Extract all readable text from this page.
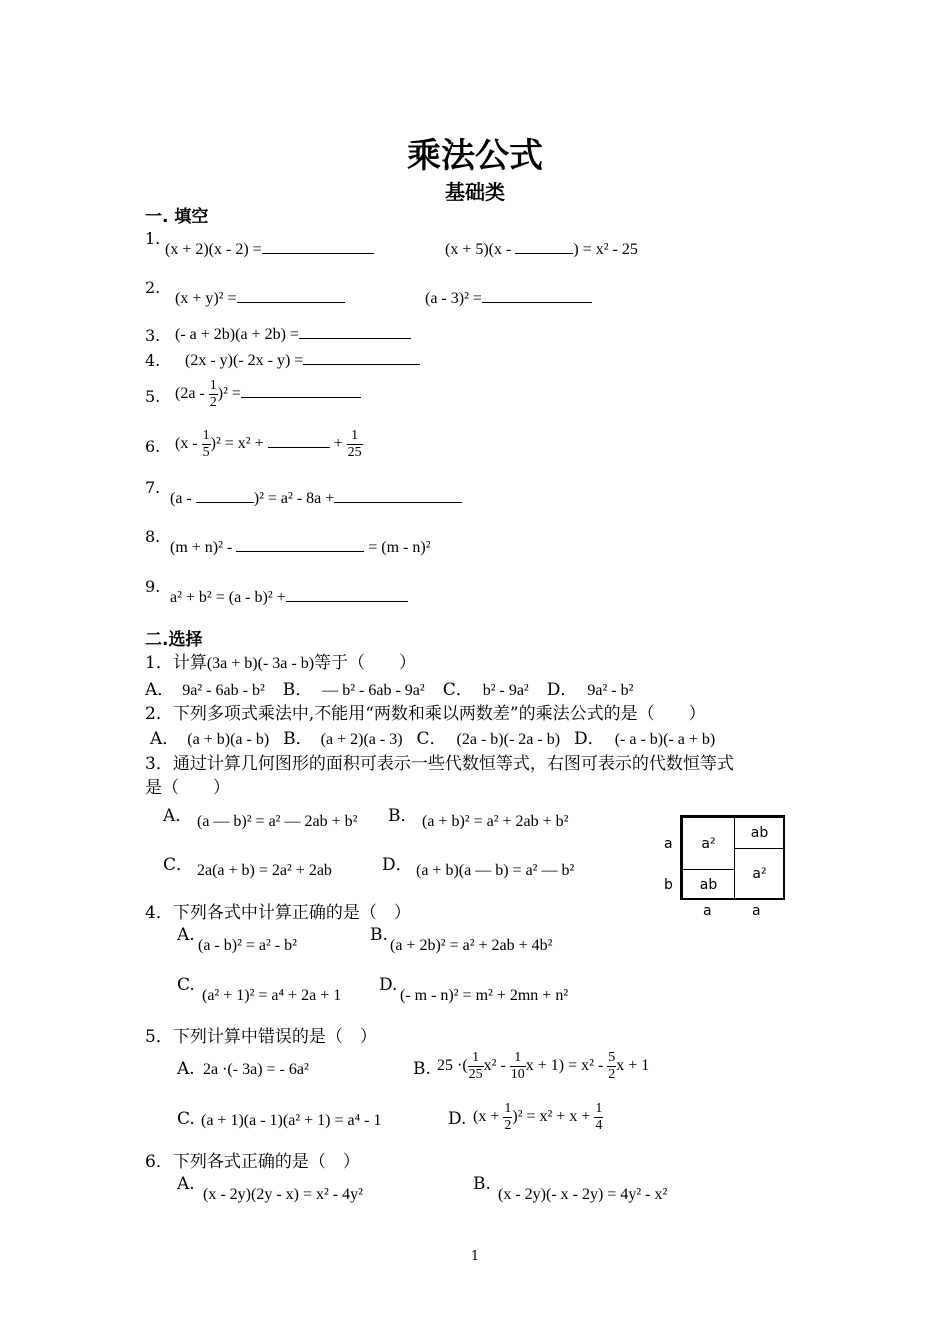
乘法公式
基础类
一. 填空
1.
(x + 2)(x - 2) =	(x + 5)(x -	) = x² - 25
2.
(x + y)² =	(a - 3)² =
3. (- a + 2b)(a + 2b) =
4. (2x - y)(- 2x - y) =
5. $(2a - \frac{1}{2} )^2$ =
6. $(x - \frac{1}{5} )^2 = x^2$ +	+ $\frac{1}{25}$
7.
(a -	)² = a² - 8a +
8.
(m + n)² -	= (m - n)²
9.
a² + b² = (a - b)² +
二.选择
1．计算(3a + b)(- 3a - b)等于（　　）
A． 9a² - 6ab - b² B． — b² - 6ab - 9a² C． b² - 9a² D． 9a² - b²
2．下列多项式乘法中,不能用“两数和乘以两数差”的乘法公式的是（　　）
A． (a + b)(a - b) B． (a + 2)(a - 3) C． (2a - b)(- 2a - b) D． (- a - b)(- a + b)
3．通过计算几何图形的面积可表示一些代数恒等式，右图可表示的代数恒等式
是（　　）
A． (a — b)² = a² — 2ab + b² B． (a + b)² = a² + 2ab + b²
C． 2a(a + b) = 2a² + 2ab	D． (a + b)(a — b) = a² — b²
a²
ab
ab
a²
a
b
a	a
4．下列各式中计算正确的是（　）
A.
(a - b)² = a² - b²
B.
(a + 2b)² = a² + 2ab + 4b²
C.
(a² + 1)² = a⁴ + 2a + 1
D.
(- m - n)² = m² + 2mn + n²
5．下列计算中错误的是（　）
A. 2a ·(- 3a) = - 6a²	B. 25 ·( $\frac{1}{25} x^2 - \frac{1}{10}$ $x + 1) = x^2 - \frac{5}{2}$ x + 1
C. (a + 1)(a - 1)(a² + 1) = a⁴ - 1	D. $(x + \frac{1}{2} )^2 = x^2 + x + \frac{1}{4}$
6．下列各式正确的是（　）
A.
(x - 2y)(2y - x) = x² - 4y²
B.
(x - 2y)(- x - 2y) = 4y² - x²
1
